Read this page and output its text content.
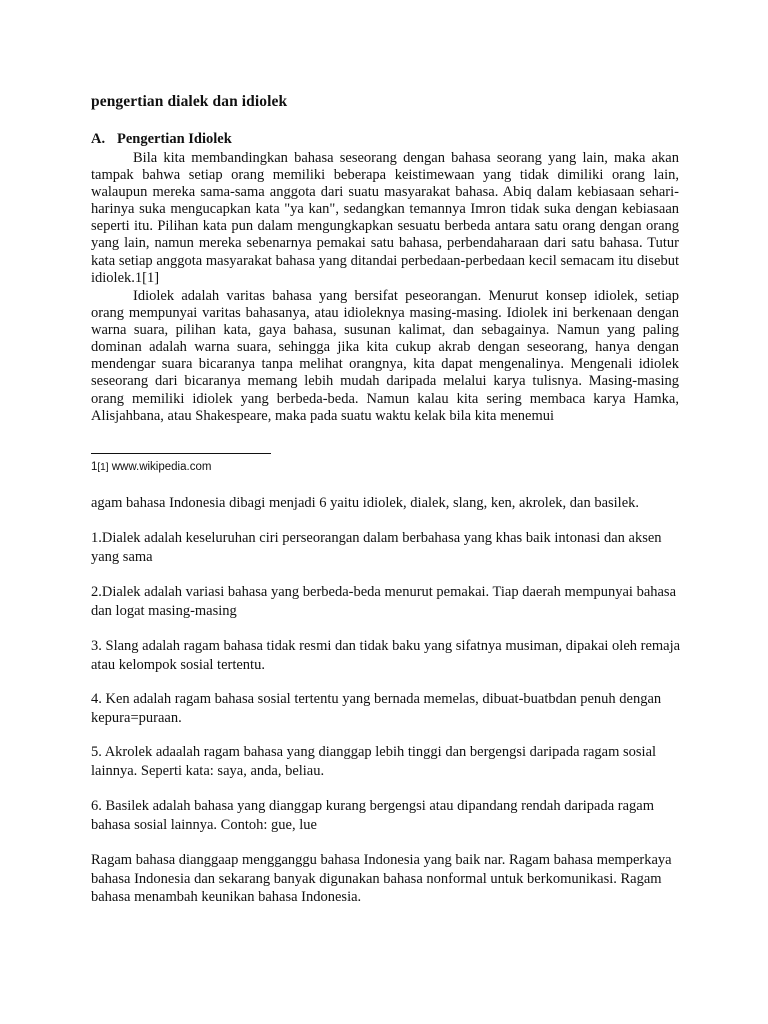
pengertian dialek dan idiolek
A. Pengertian Idiolek

Bila kita membandingkan bahasa seseorang dengan bahasa seorang yang lain, maka akan tampak bahwa setiap orang memiliki beberapa keistimewaan yang tidak dimiliki orang lain, walaupun mereka sama-sama anggota dari suatu masyarakat bahasa. Abiq dalam kebiasaan sehari-harinya suka mengucapkan kata "ya kan", sedangkan temannya Imron tidak suka dengan kebiasaan seperti itu. Pilihan kata pun dalam mengungkapkan sesuatu berbeda antara satu orang dengan orang yang lain, namun mereka sebenarnya pemakai satu bahasa, perbendaharaan dari satu bahasa. Tutur kata setiap anggota masyarakat bahasa yang ditandai perbedaan-perbedaan kecil semacam itu disebut idiolek.1[1]

Idiolek adalah varitas bahasa yang bersifat peseorangan. Menurut konsep idiolek, setiap orang mempunyai varitas bahasanya, atau idioleknya masing-masing. Idiolek ini berkenaan dengan warna suara, pilihan kata, gaya bahasa, susunan kalimat, dan sebagainya. Namun yang paling dominan adalah warna suara, sehingga jika kita cukup akrab dengan seseorang, hanya dengan mendengar suara bicaranya tanpa melihat orangnya, kita dapat mengenalinya. Mengenali idiolek seseorang dari bicaranya memang lebih mudah daripada melalui karya tulisnya. Masing-masing orang memiliki idiolek yang berbeda-beda. Namun kalau kita sering membaca karya Hamka, Alisjahbana, atau Shakespeare, maka pada suatu waktu kelak bila kita menemui

1[1] www.wikipedia.com

agam bahasa Indonesia dibagi menjadi 6 yaitu idiolek, dialek, slang, ken, akrolek, dan basilek.

1.Dialek adalah keseluruhan ciri perseorangan dalam berbahasa yang khas baik intonasi dan aksen yang sama

2.Dialek adalah variasi bahasa yang berbeda-beda menurut pemakai. Tiap daerah mempunyai bahasa dan logat masing-masing

3. Slang adalah ragam bahasa tidak resmi dan tidak baku yang sifatnya musiman, dipakai oleh remaja atau kelompok sosial tertentu.

4. Ken adalah ragam bahasa sosial tertentu yang bernada memelas, dibuat-buatbdan penuh dengan kepura=puraan.

5. Akrolek adaalah ragam bahasa yang dianggap lebih tinggi dan bergengsi daripada ragam sosial lainnya. Seperti kata: saya, anda, beliau.

6. Basilek adalah bahasa yang dianggap kurang bergengsi atau dipandang rendah daripada ragam bahasa sosial lainnya. Contoh: gue, lue

Ragam bahasa dianggaap mengganggu bahasa Indonesia yang baik nar. Ragam bahasa memperkaya bahasa Indonesia dan sekarang banyak digunakan bahasa nonformal untuk berkomunikasi. Ragam bahasa menambah keunikan bahasa Indonesia.
